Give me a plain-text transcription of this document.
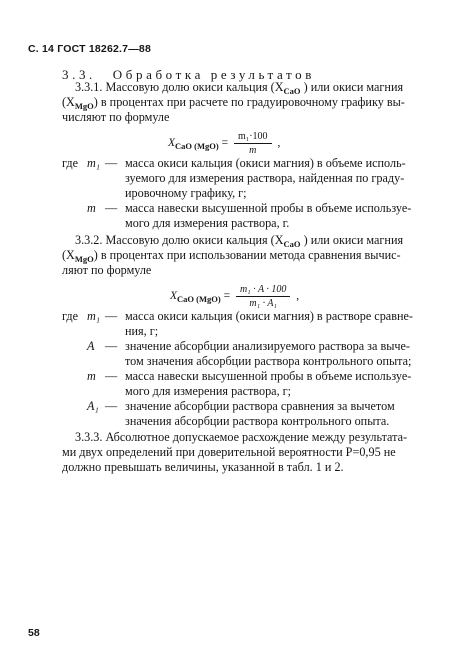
С. 14 ГОСТ 18262.7—88
3.3. Обработка результатов
3.3.1. Массовую долю окиси кальция ($X_{CaO}$ ) или окиси магния
$(X_{MgO})$ в процентах при расчете по градуировочному графику вы-
числяют по формуле
$X_{CaO (MgO)} = \frac{\text{m₁·100}}{m}$ ,
где m₁ — масса окиси кальция (окиси магния) в объеме исполь-
зуемого для измерения раствора, найденная по граду-
ировочному графику, г;
m — масса навески высушенной пробы в объеме используе-
мого для измерения раствора, г.
3.3.2. Массовую долю окиси кальция ($X_{CaO}$ ) или окиси магния
$(X_{MgO})$ в процентах при использовании метода сравнения вычис-
ляют по формуле
$X_{CaO (MgO)} = \frac{\text{m₁ · A · 100}}{\text{m₁ · A₁}}$ ,
где m₁ — масса окиси кальция (окиси магния) в растворе сравне-
ния, г;
A — значение абсорбции анализируемого раствора за выче-
том значения абсорбции раствора контрольного опыта;
m — масса навески высушенной пробы в объеме используе-
мого для измерения раствора, г;
A₁ — значение абсорбции раствора сравнения за вычетом
значения абсорбции раствора контрольного опыта.
3.3.3. Абсолютное допускаемое расхождение между результата-
ми двух определений при доверительной вероятности P=0,95 не
должно превышать величины, указанной в табл. 1 и 2.
58
